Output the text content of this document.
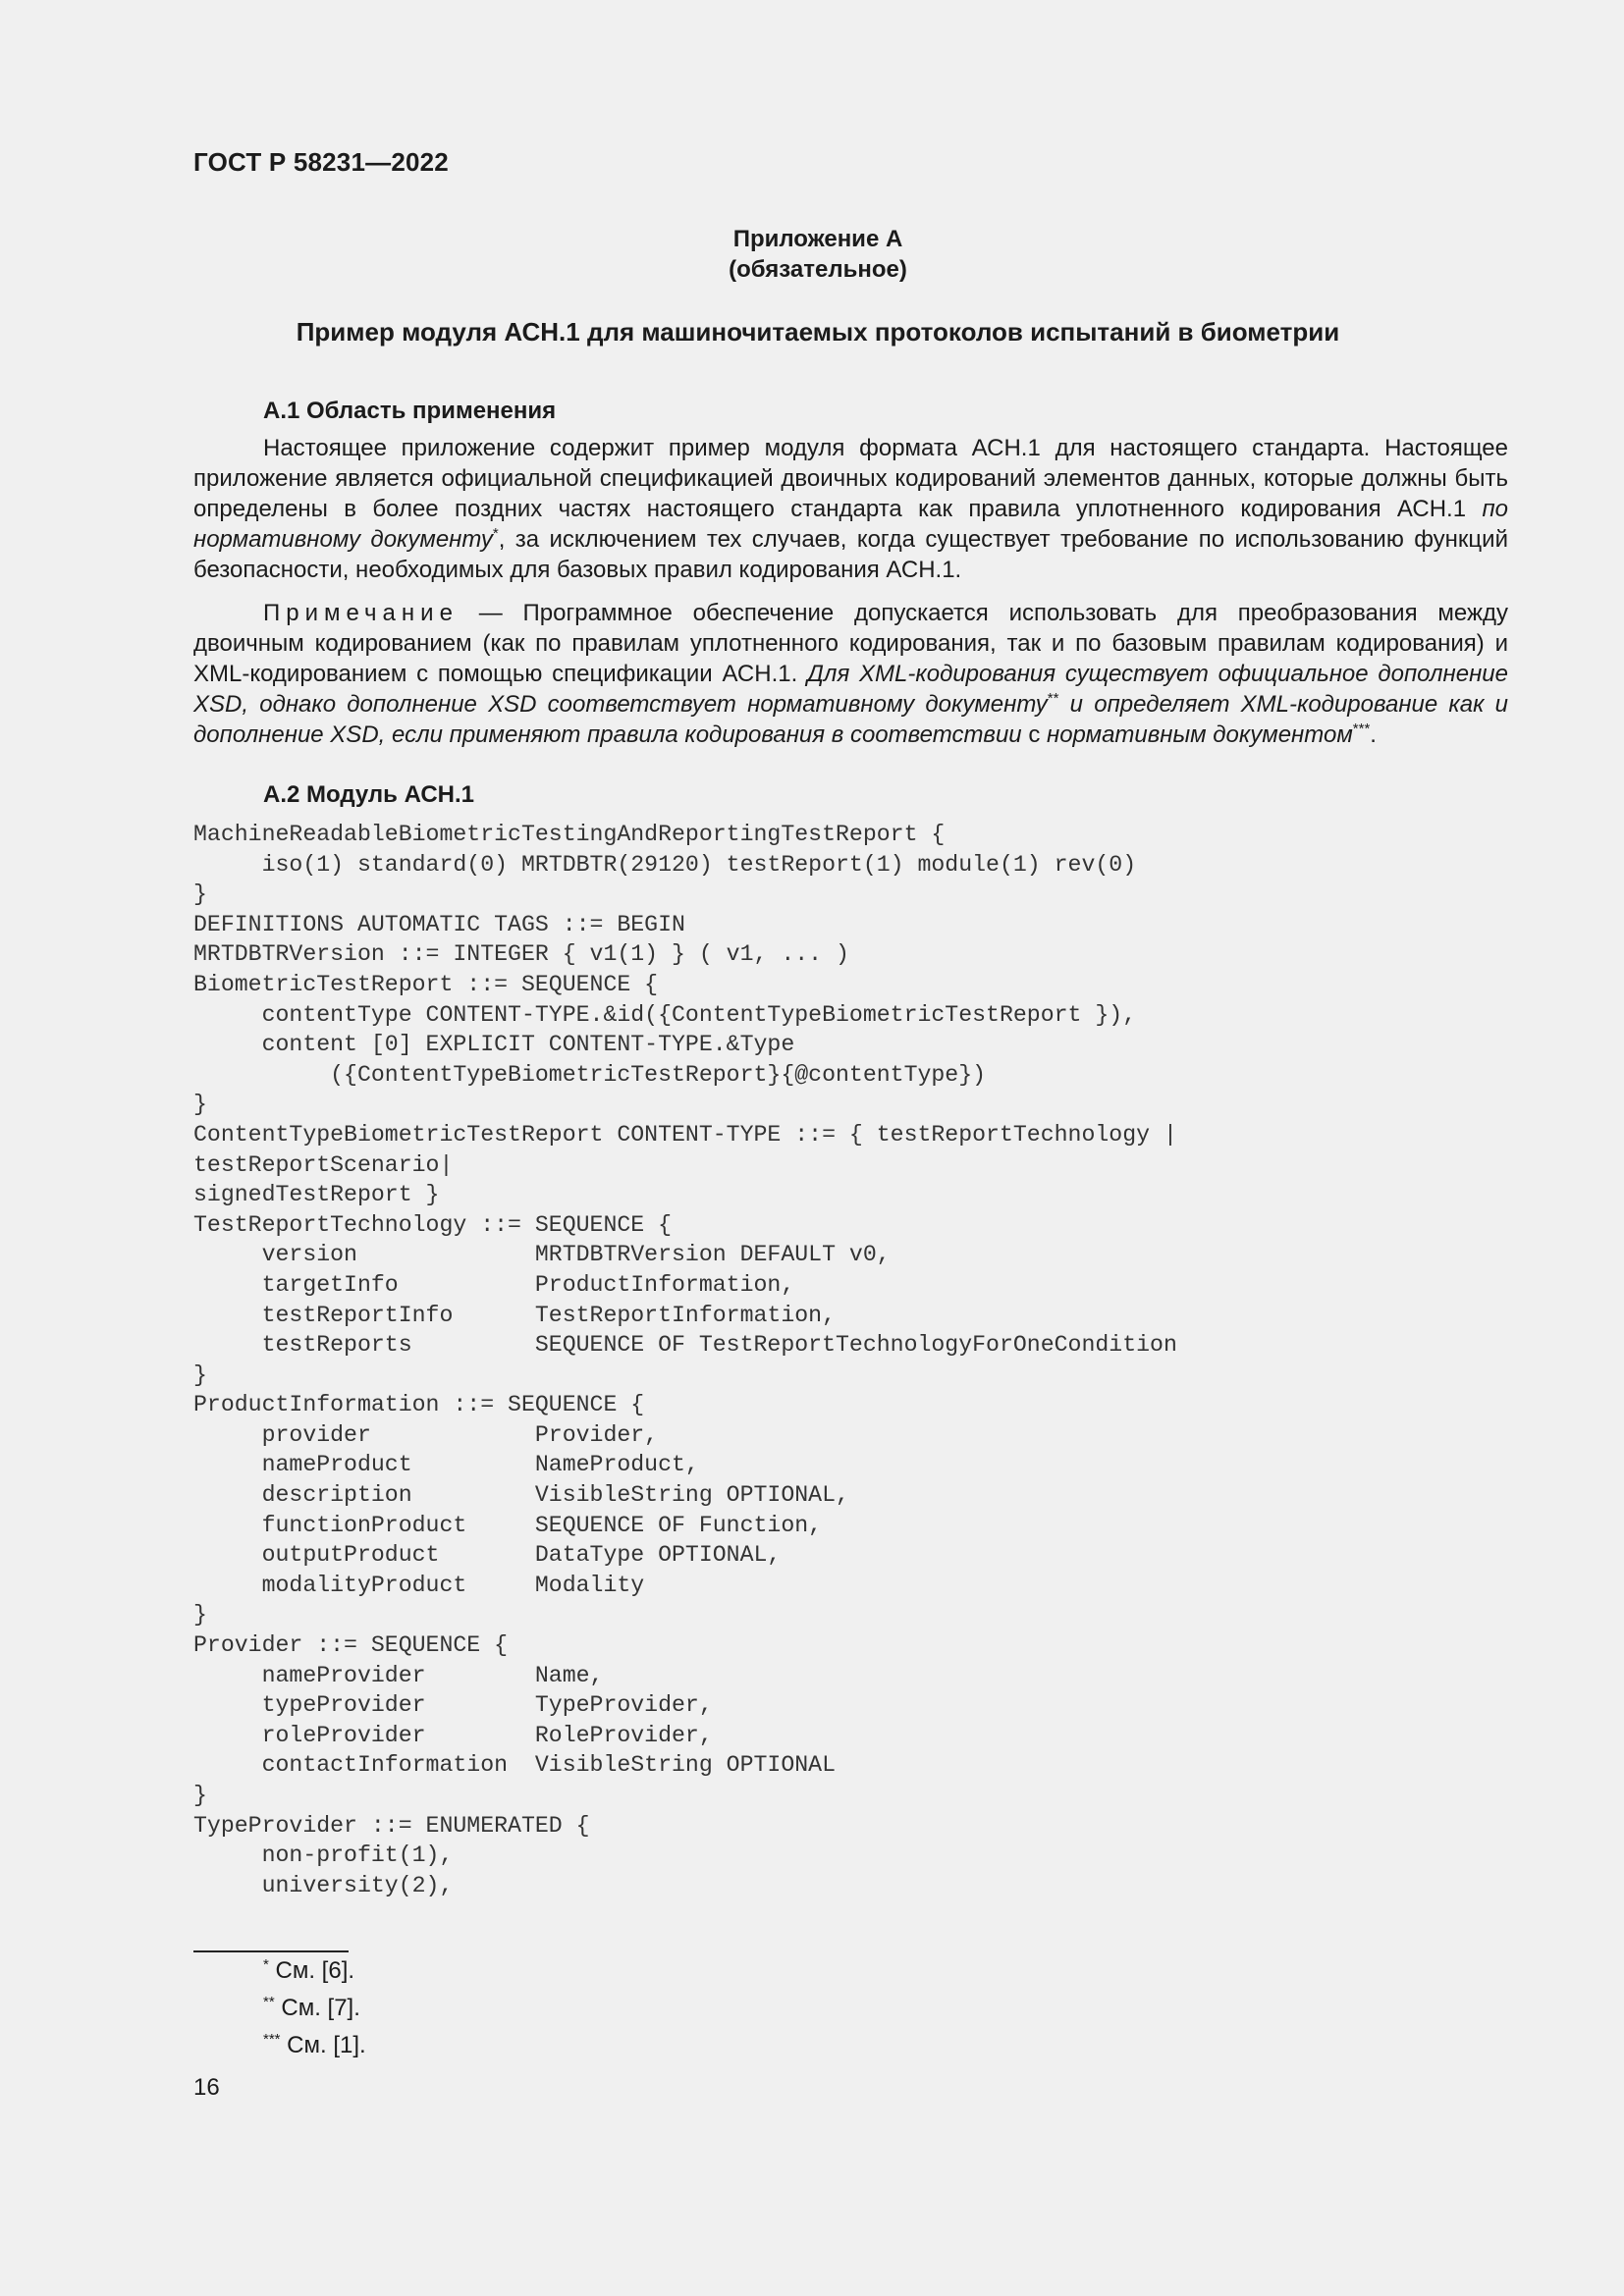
ГОСТ Р 58231—2022
Приложение А
(обязательное)
Пример модуля АСН.1 для машиночитаемых протоколов испытаний в биометрии
А.1 Область применения
Настоящее приложение содержит пример модуля формата АСН.1 для настоящего стандарта. Настоящее приложение является официальной спецификацией двоичных кодирований элементов данных, которые должны быть определены в более поздних частях настоящего стандарта как правила уплотненного кодирования АСН.1 по нормативному документу*, за исключением тех случаев, когда существует требование по использованию функций безопасности, необходимых для базовых правил кодирования АСН.1.
Примечание — Программное обеспечение допускается использовать для преобразования между двоичным кодированием (как по правилам уплотненного кодирования, так и по базовым правилам кодирования) и XML-кодированием с помощью спецификации АСН.1. Для XML-кодирования существует официальное дополнение XSD, однако дополнение XSD соответствует нормативному документу** и определяет XML-кодирование как и дополнение XSD, если применяют правила кодирования в соответствии с нормативным документом***.
А.2 Модуль АСН.1
MachineReadableBiometricTestingAndReportingTestReport {
iso(1) standard(0) MRTDBTR(29120) testReport(1) module(1) rev(0)
}
DEFINITIONS AUTOMATIC TAGS ::= BEGIN
MRTDBTRVersion ::= INTEGER { v1(1) } ( v1, ... )
BiometricTestReport ::= SEQUENCE {
contentType CONTENT-TYPE.&id({ContentTypeBiometricTestReport }),
content [0] EXPLICIT CONTENT-TYPE.&Type
({ContentTypeBiometricTestReport}{@contentType})
}
ContentTypeBiometricTestReport CONTENT-TYPE ::= { testReportTechnology |
testReportScenario|
signedTestReport }
TestReportTechnology ::= SEQUENCE {
version             MRTDBTRVersion DEFAULT v0,
targetInfo          ProductInformation,
testReportInfo      TestReportInformation,
testReports         SEQUENCE OF TestReportTechnologyForOneCondition
}
ProductInformation ::= SEQUENCE {
provider            Provider,
nameProduct         NameProduct,
description         VisibleString OPTIONAL,
functionProduct     SEQUENCE OF Function,
outputProduct       DataType OPTIONAL,
modalityProduct     Modality
}
Provider ::= SEQUENCE {
nameProvider        Name,
typeProvider        TypeProvider,
roleProvider        RoleProvider,
contactInformation  VisibleString OPTIONAL
}
TypeProvider ::= ENUMERATED {
non-profit(1),
university(2),
* См. [6].
** См. [7].
*** См. [1].
16
